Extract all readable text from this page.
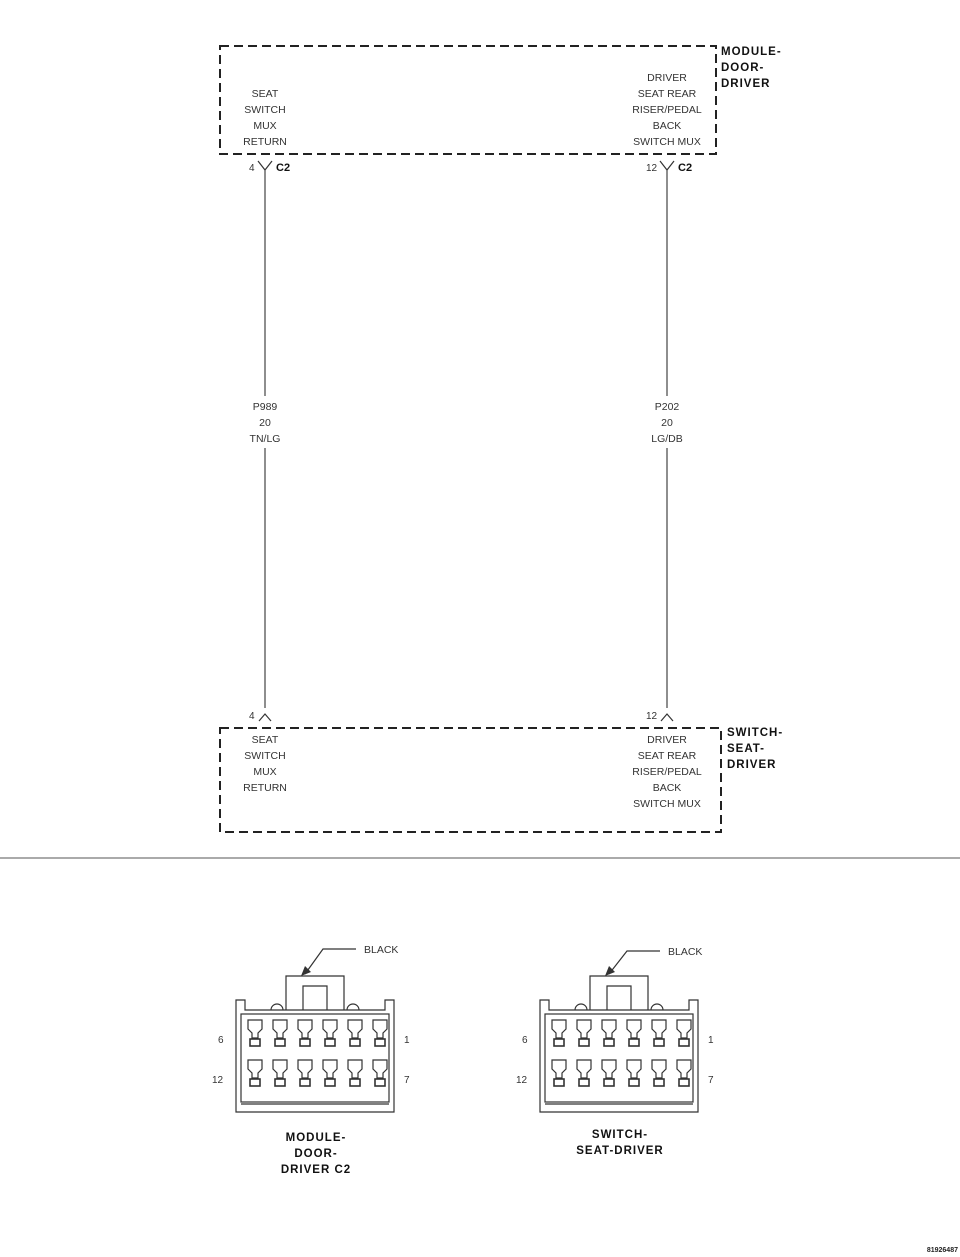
MODULE-
DOOR-
DRIVER
SEAT
SWITCH
MUX
RETURN
DRIVER
SEAT REAR
RISER/PEDAL
BACK
SWITCH MUX
4 C2	12 C2
P989
20
TN/LG
P202
20
LG/DB
4	12
SWITCH-
SEAT-
DRIVER
SEAT
SWITCH
MUX
RETURN
DRIVER
SEAT REAR
RISER/PEDAL
BACK
SWITCH MUX
BLACK
6	1
12	7
MODULE-
DOOR-
DRIVER C2
BLACK
6	1
12	7
SWITCH-
SEAT-DRIVER
81926487
